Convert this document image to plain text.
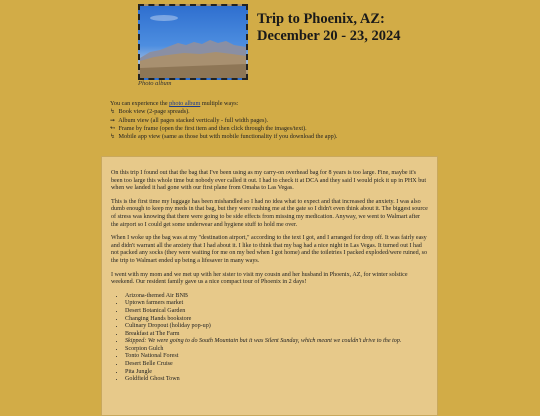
Photo album
Trip to Phoenix, AZ:
December 20 - 23, 2024
You can experience the photo album multiple ways:
↯ Book view (2-page spreads).
➞ Album view (all pages stacked vertically - full width pages).
↬ Frame by frame (open the first item and then click through the images/text).
↯ Mobile app view (same as those but with mobile functionality if you download the app).

On this trip I found out that the bag that I've been using as my carry-on overhead bag for 8 years is too large. Fine, maybe it's been too large this whole time but nobody ever called it out. I had to check it at DCA and they said I would pick it up in PHX but when we landed it had gone with our first plane from Omaha to Las Vegas.

This is the first time my luggage has been mishandled so I had no idea what to expect and that increased the anxiety. I was also dumb enough to keep my meds in that bag, but they were rushing me at the gate so I didn't even think about it. The biggest source of stress was knowing that there were going to be side effects from missing my medication. Anyway, we went to Walmart after the airport so I could get some underwear and hygiene stuff to hold me over.

When I woke up the bag was at my "destination airport," according to the text I got, and I arranged for drop off. It was fairly easy and didn't warrant all the anxiety that I had about it. I like to think that my bag had a nice night in Las Vegas. It turned out I had not packed any socks (they were waiting for me on my bed when I got home) and the toiletries I packed exploded/were ruined, so the trip to Walmart ended up being a lifesaver in many ways.

I went with my mom and we met up with her sister to visit my cousin and her husband in Phoenix, AZ, for winter solstice weekend. Our resident family gave us a nice compact tour of Phoenix in 2 days!

• Arizona-themed Air BNB
• Uptown farmers market
• Desert Botanical Garden
• Changing Hands bookstore
• Culinary Dropout (holiday pop-up)
• Breakfast at The Farm
• Skipped: We were going to do South Mountain but it was Silent Sunday, which meant we couldn't drive to the top.
• Scorpion Gulch
• Tonto National Forest
• Desert Belle Cruise
• Pita Jungle
• Goldfield Ghost Town
